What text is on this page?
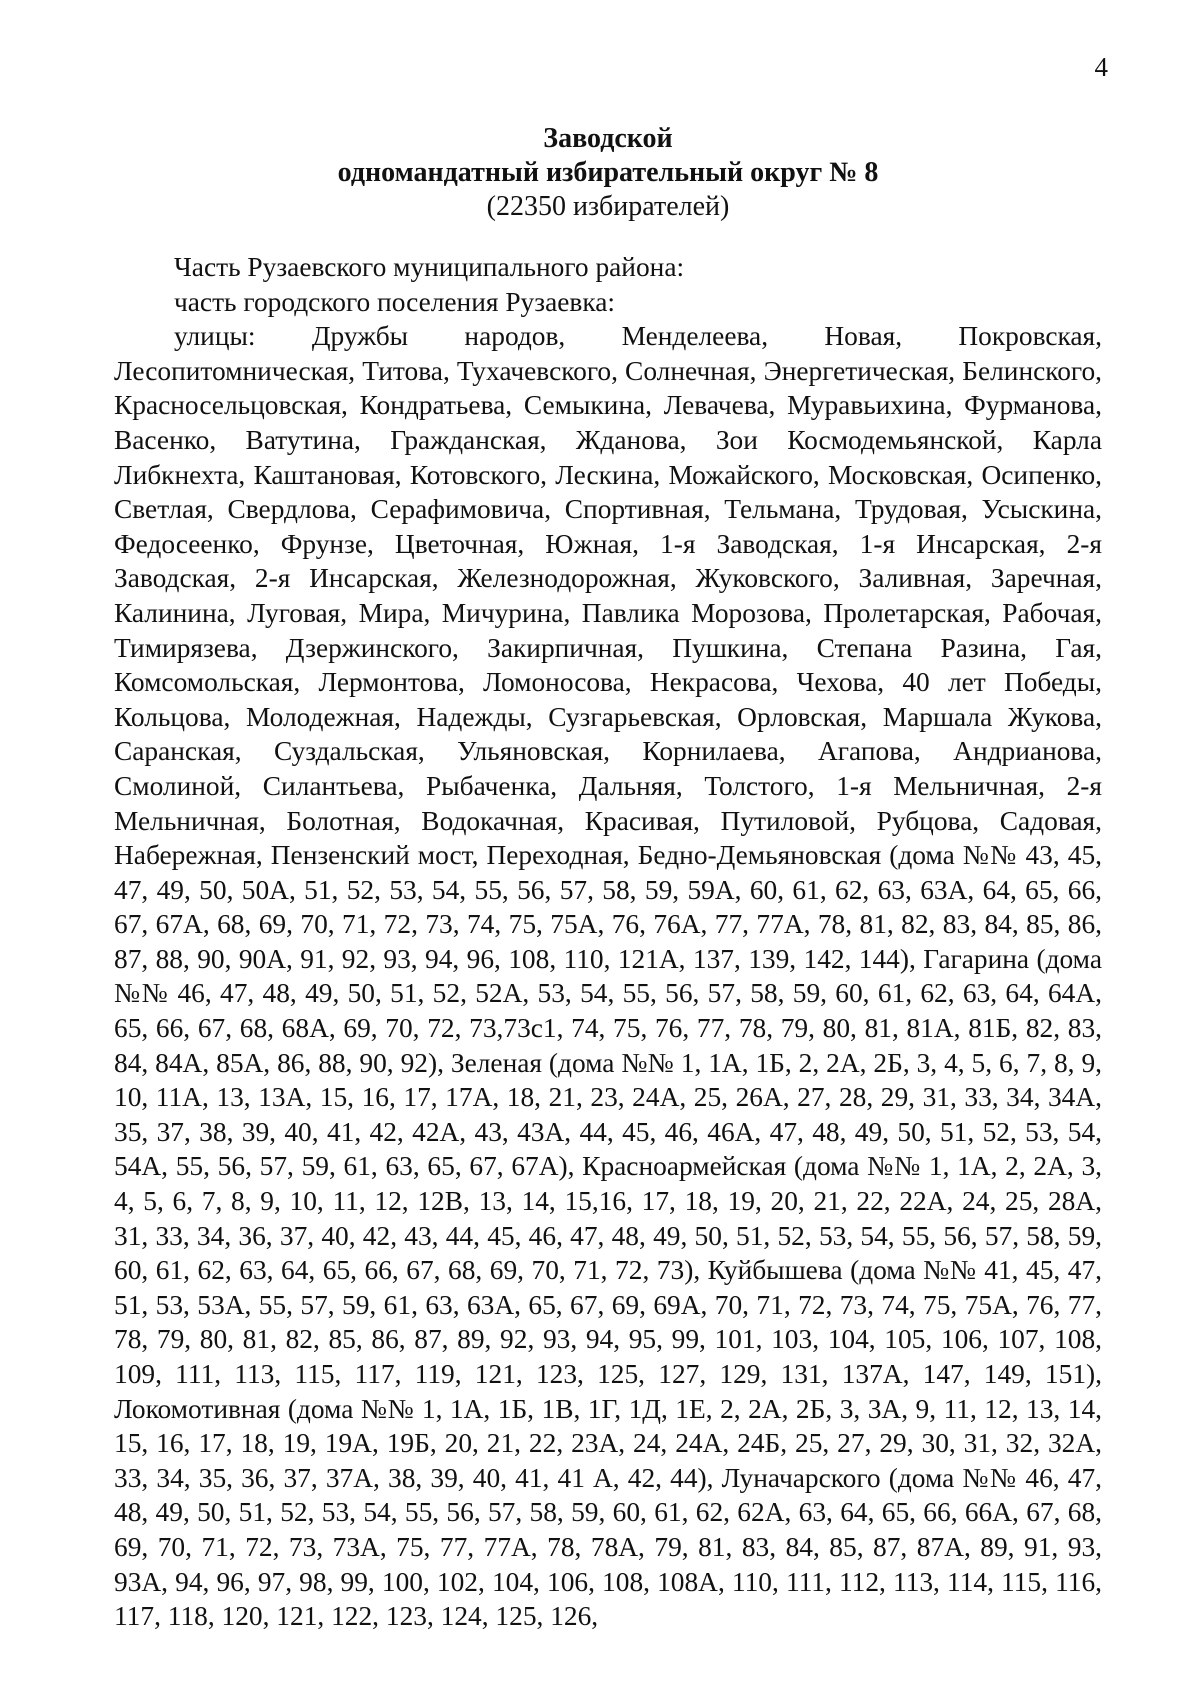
4
Заводской
одномандатный избирательный округ № 8
(22350 избирателей)
Часть Рузаевского муниципального района:
часть городского поселения Рузаевка:

улицы: Дружбы народов, Менделеева, Новая, Покровская, Лесопитомническая, Титова, Тухачевского, Солнечная, Энергетическая, Белинского, Красносельцовская, Кондратьева, Семыкина, Левачева, Муравьихина, Фурманова, Васенко, Ватутина, Гражданская, Жданова, Зои Космодемьянской, Карла Либкнехта, Каштановая, Котовского, Лескина, Можайского, Московская, Осипенко, Светлая, Свердлова, Серафимовича, Спортивная, Тельмана, Трудовая, Усыскина, Федосеенко, Фрунзе, Цветочная, Южная, 1-я Заводская, 1-я Инсарская, 2-я Заводская, 2-я Инсарская, Железнодорожная, Жуковского, Заливная, Заречная, Калинина, Луговая, Мира, Мичурина, Павлика Морозова, Пролетарская, Рабочая, Тимирязева, Дзержинского, Закирпичная, Пушкина, Степана Разина, Гая, Комсомольская, Лермонтова, Ломоносова, Некрасова, Чехова, 40 лет Победы, Кольцова, Молодежная, Надежды, Сузгарьевская, Орловская, Маршала Жукова, Саранская, Суздальская, Ульяновская, Корнилаева, Агапова, Андрианова, Смолиной, Силантьева, Рыбаченка, Дальняя, Толстого, 1-я Мельничная, 2-я Мельничная, Болотная, Водокачная, Красивая, Путиловой, Рубцова, Садовая, Набережная, Пензенский мост, Переходная, Бедно-Демьяновская (дома №№ 43, 45, 47, 49, 50, 50А, 51, 52, 53, 54, 55, 56, 57, 58, 59, 59А, 60, 61, 62, 63, 63А, 64, 65, 66, 67, 67А, 68, 69, 70, 71, 72, 73, 74, 75, 75А, 76, 76А, 77, 77А, 78, 81, 82, 83, 84, 85, 86, 87, 88, 90, 90А, 91, 92, 93, 94, 96, 108, 110, 121А, 137, 139, 142, 144), Гагарина (дома №№ 46, 47, 48, 49, 50, 51, 52, 52А, 53, 54, 55, 56, 57, 58, 59, 60, 61, 62, 63, 64, 64А, 65, 66, 67, 68, 68А, 69, 70, 72, 73,73с1, 74, 75, 76, 77, 78, 79, 80, 81, 81А, 81Б, 82, 83, 84, 84А, 85А, 86, 88, 90, 92), Зеленая (дома №№ 1, 1А, 1Б, 2, 2А, 2Б, 3, 4, 5, 6, 7, 8, 9, 10, 11А, 13, 13А, 15, 16, 17, 17А, 18, 21, 23, 24А, 25, 26А, 27, 28, 29, 31, 33, 34, 34А, 35, 37, 38, 39, 40, 41, 42, 42А, 43, 43А, 44, 45, 46, 46А, 47, 48, 49, 50, 51, 52, 53, 54, 54А, 55, 56, 57, 59, 61, 63, 65, 67, 67А), Красноармейская (дома №№ 1, 1А, 2, 2А, 3, 4, 5, 6, 7, 8, 9, 10, 11, 12, 12В, 13, 14, 15,16, 17, 18, 19, 20, 21, 22, 22А, 24, 25, 28А, 31, 33, 34, 36, 37, 40, 42, 43, 44, 45, 46, 47, 48, 49, 50, 51, 52, 53, 54, 55, 56, 57, 58, 59, 60, 61, 62, 63, 64, 65, 66, 67, 68, 69, 70, 71, 72, 73), Куйбышева (дома №№ 41, 45, 47, 51, 53, 53А, 55, 57, 59, 61, 63, 63А, 65, 67, 69, 69А, 70, 71, 72, 73, 74, 75, 75А, 76, 77, 78, 79, 80, 81, 82, 85, 86, 87, 89, 92, 93, 94, 95, 99, 101, 103, 104, 105, 106, 107, 108, 109, 111, 113, 115, 117, 119, 121, 123, 125, 127, 129, 131, 137А, 147, 149, 151), Локомотивная (дома №№ 1, 1А, 1Б, 1В, 1Г, 1Д, 1Е, 2, 2А, 2Б, 3, 3А, 9, 11, 12, 13, 14, 15, 16, 17, 18, 19, 19А, 19Б, 20, 21, 22, 23А, 24, 24А, 24Б, 25, 27, 29, 30, 31, 32, 32А, 33, 34, 35, 36, 37, 37А, 38, 39, 40, 41, 41 А, 42, 44), Луначарского (дома №№ 46, 47, 48, 49, 50, 51, 52, 53, 54, 55, 56, 57, 58, 59, 60, 61, 62, 62А, 63, 64, 65, 66, 66А, 67, 68, 69, 70, 71, 72, 73, 73А, 75, 77, 77А, 78, 78А, 79, 81, 83, 84, 85, 87, 87А, 89, 91, 93, 93А, 94, 96, 97, 98, 99, 100, 102, 104, 106, 108, 108А, 110, 111, 112, 113, 114, 115, 116, 117, 118, 120, 121, 122, 123, 124, 125, 126,
